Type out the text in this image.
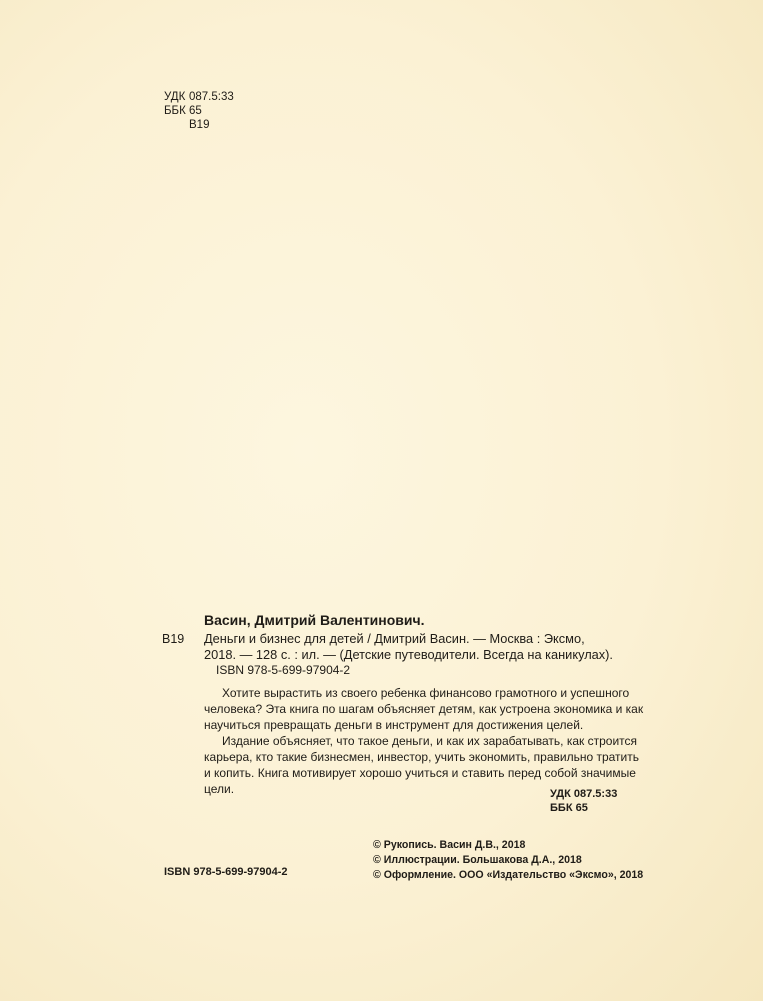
УДК 087.5:33
ББК 65
В19
Васин, Дмитрий Валентинович.
В19 Деньги и бизнес для детей / Дмитрий Васин. — Москва : Эксмо,
2018. — 128 с. : ил. — (Детские путеводители. Всегда на каникулах).
ISBN 978-5-699-97904-2
Хотите вырастить из своего ребенка финансово грамотного и успешного
человека? Эта книга по шагам объясняет детям, как устроена экономика и как
научиться превращать деньги в инструмент для достижения целей.
Издание объясняет, что такое деньги, и как их зарабатывать, как строится
карьера, кто такие бизнесмен, инвестор, учить экономить, правильно тратить
и копить. Книга мотивирует хорошо учиться и ставить перед собой значимые
цели.	УДК 087.5:33
ББК 65
© Рукопись. Васин Д.В., 2018
© Иллюстрации. Большакова Д.А., 2018
© Оформление. ООО «Издательство «Эксмо», 2018
ISBN 978-5-699-97904-2
